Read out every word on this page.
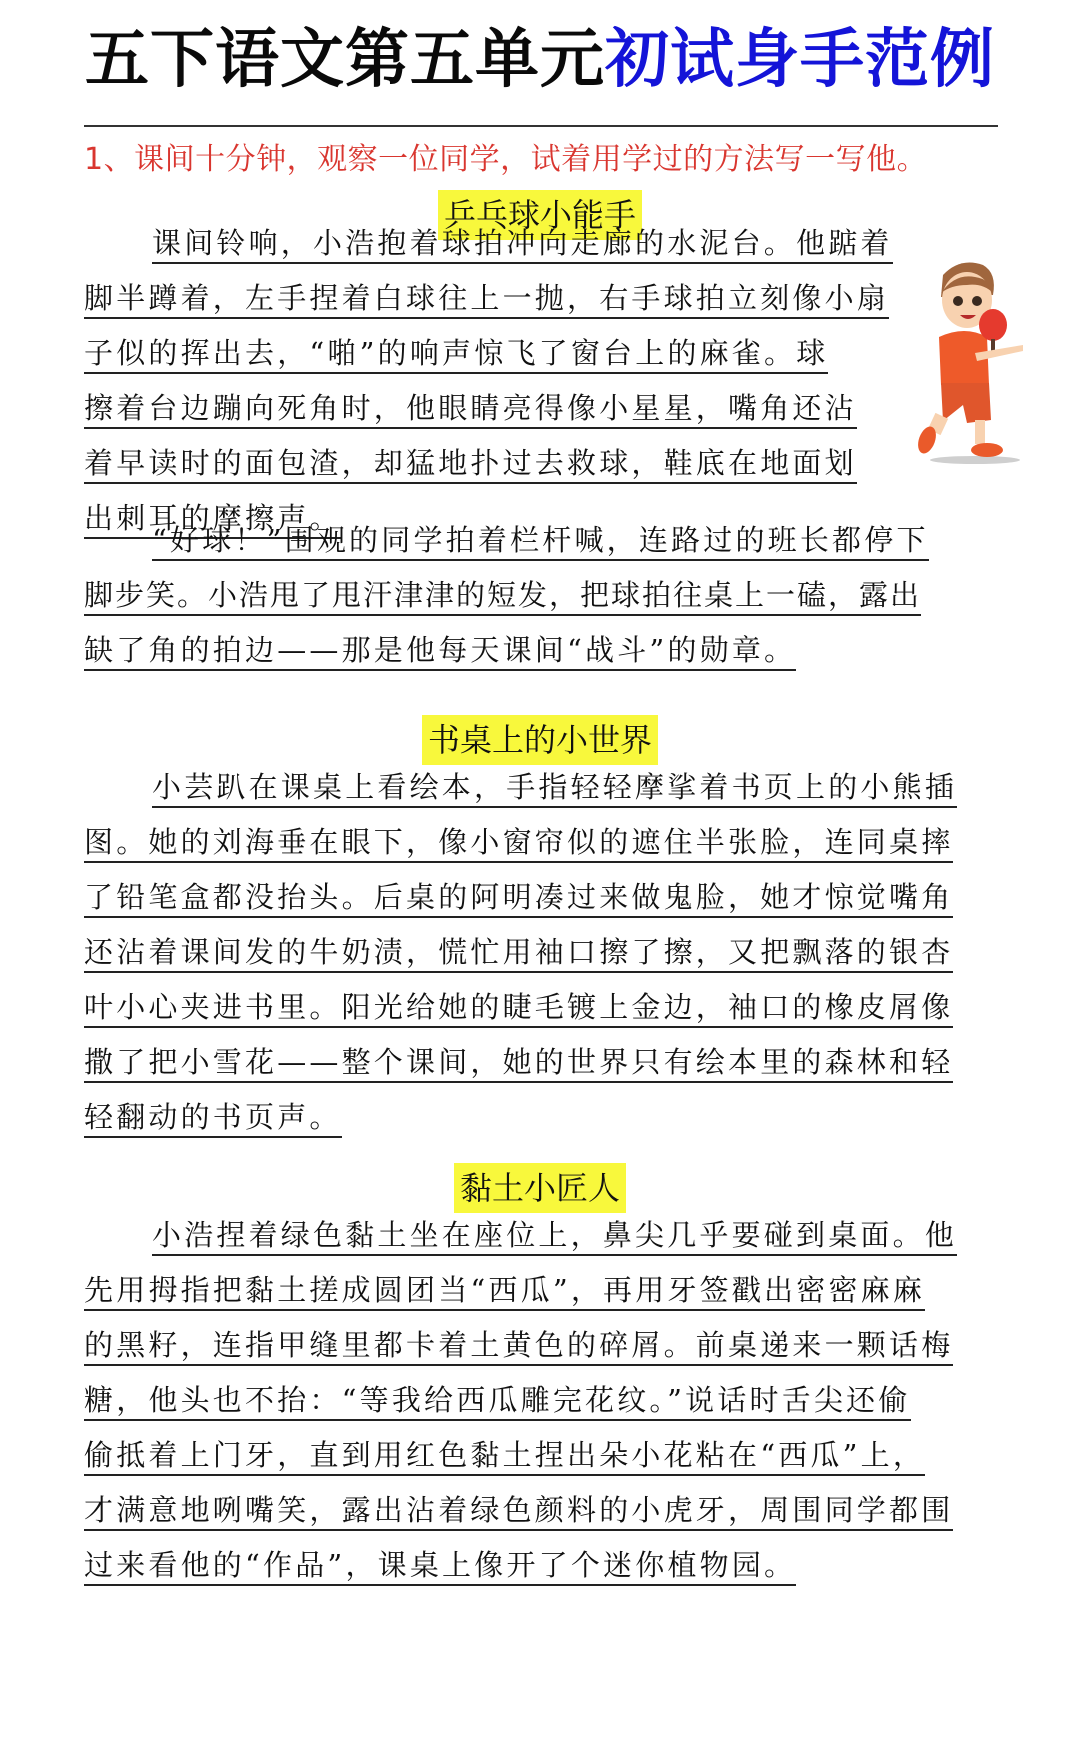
五下语文第五单元初试身手范例
1、课间十分钟，观察一位同学，试着用学过的方法写一写他。
乒乓球小能手
课间铃响，小浩抱着球拍冲向走廊的水泥台。他踮着
脚半蹲着，左手捏着白球往上一抛，右手球拍立刻像小扇
子似的挥出去，“啪”的响声惊飞了窗台上的麻雀。球
擦着台边蹦向死角时，他眼睛亮得像小星星，嘴角还沾
着早读时的面包渣，却猛地扑过去救球，鞋底在地面划
出刺耳的摩擦声。
“好球！”围观的同学拍着栏杆喊，连路过的班长都停下
脚步笑。小浩甩了甩汗津津的短发，把球拍往桌上一磕，露出
缺了角的拍边——那是他每天课间“战斗”的勋章。
书桌上的小世界
小芸趴在课桌上看绘本，手指轻轻摩挲着书页上的小熊插
图。她的刘海垂在眼下，像小窗帘似的遮住半张脸，连同桌摔
了铅笔盒都没抬头。后桌的阿明凑过来做鬼脸，她才惊觉嘴角
还沾着课间发的牛奶渍，慌忙用袖口擦了擦，又把飘落的银杏
叶小心夹进书里。阳光给她的睫毛镀上金边，袖口的橡皮屑像
撒了把小雪花——整个课间，她的世界只有绘本里的森林和轻
轻翻动的书页声。
黏土小匠人
小浩捏着绿色黏土坐在座位上，鼻尖几乎要碰到桌面。他
先用拇指把黏土搓成圆团当“西瓜”，再用牙签戳出密密麻麻
的黑籽，连指甲缝里都卡着土黄色的碎屑。前桌递来一颗话梅
糖，他头也不抬：“等我给西瓜雕完花纹。”说话时舌尖还偷
偷抵着上门牙，直到用红色黏土捏出朵小花粘在“西瓜”上，
才满意地咧嘴笑，露出沾着绿色颜料的小虎牙，周围同学都围
过来看他的“作品”，课桌上像开了个迷你植物园。
